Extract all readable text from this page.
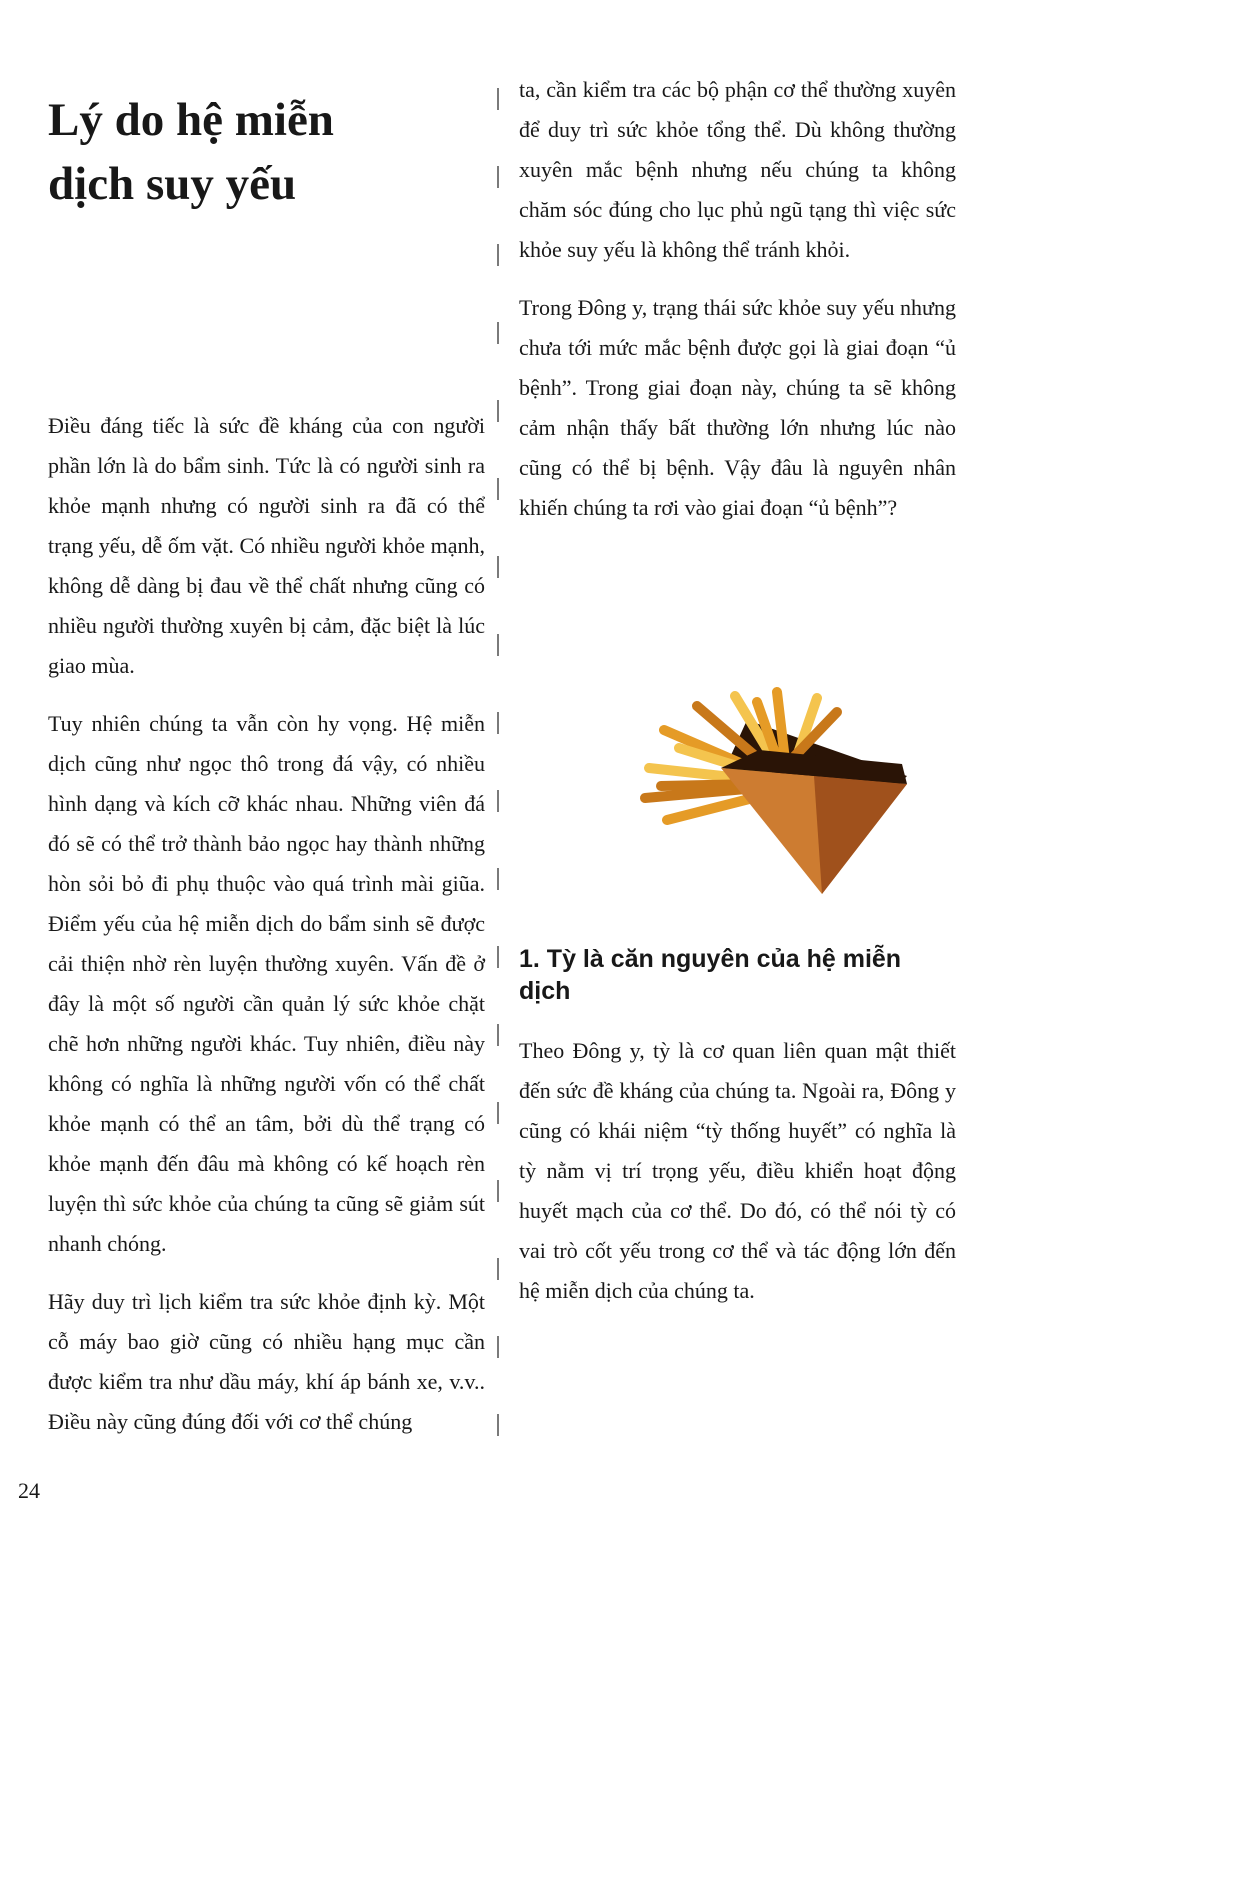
Lý do hệ miễn dịch suy yếu

Điều đáng tiếc là sức đề kháng của con người phần lớn là do bẩm sinh. Tức là có người sinh ra khỏe mạnh nhưng có người sinh ra đã có thể trạng yếu, dễ ốm vặt. Có nhiều người khỏe mạnh, không dễ dàng bị đau về thể chất nhưng cũng có nhiều người thường xuyên bị cảm, đặc biệt là lúc giao mùa.

Tuy nhiên chúng ta vẫn còn hy vọng. Hệ miễn dịch cũng như ngọc thô trong đá vậy, có nhiều hình dạng và kích cỡ khác nhau. Những viên đá đó sẽ có thể trở thành bảo ngọc hay thành những hòn sỏi bỏ đi phụ thuộc vào quá trình mài giũa. Điểm yếu của hệ miễn dịch do bẩm sinh sẽ được cải thiện nhờ rèn luyện thường xuyên. Vấn đề ở đây là một số người cần quản lý sức khỏe chặt chẽ hơn những người khác. Tuy nhiên, điều này không có nghĩa là những người vốn có thể chất khỏe mạnh có thể an tâm, bởi dù thể trạng có khỏe mạnh đến đâu mà không có kế hoạch rèn luyện thì sức khỏe của chúng ta cũng sẽ giảm sút nhanh chóng.

Hãy duy trì lịch kiểm tra sức khỏe định kỳ. Một cỗ máy bao giờ cũng có nhiều hạng mục cần được kiểm tra như dầu máy, khí áp bánh xe, v.v.. Điều này cũng đúng đối với cơ thể chúng

ta, cần kiểm tra các bộ phận cơ thể thường xuyên để duy trì sức khỏe tổng thể. Dù không thường xuyên mắc bệnh nhưng nếu chúng ta không chăm sóc đúng cho lục phủ ngũ tạng thì việc sức khỏe suy yếu là không thể tránh khỏi.

Trong Đông y, trạng thái sức khỏe suy yếu nhưng chưa tới mức mắc bệnh được gọi là giai đoạn “ủ bệnh”. Trong giai đoạn này, chúng ta sẽ không cảm nhận thấy bất thường lớn nhưng lúc nào cũng có thể bị bệnh. Vậy đâu là nguyên nhân khiến chúng ta rơi vào giai đoạn “ủ bệnh”?

1. Tỳ là căn nguyên của hệ miễn dịch

Theo Đông y, tỳ là cơ quan liên quan mật thiết đến sức đề kháng của chúng ta. Ngoài ra, Đông y cũng có khái niệm “tỳ thống huyết” có nghĩa là tỳ nằm vị trí trọng yếu, điều khiển hoạt động huyết mạch của cơ thể. Do đó, có thể nói tỳ có vai trò cốt yếu trong cơ thể và tác động lớn đến hệ miễn dịch của chúng ta.

24
